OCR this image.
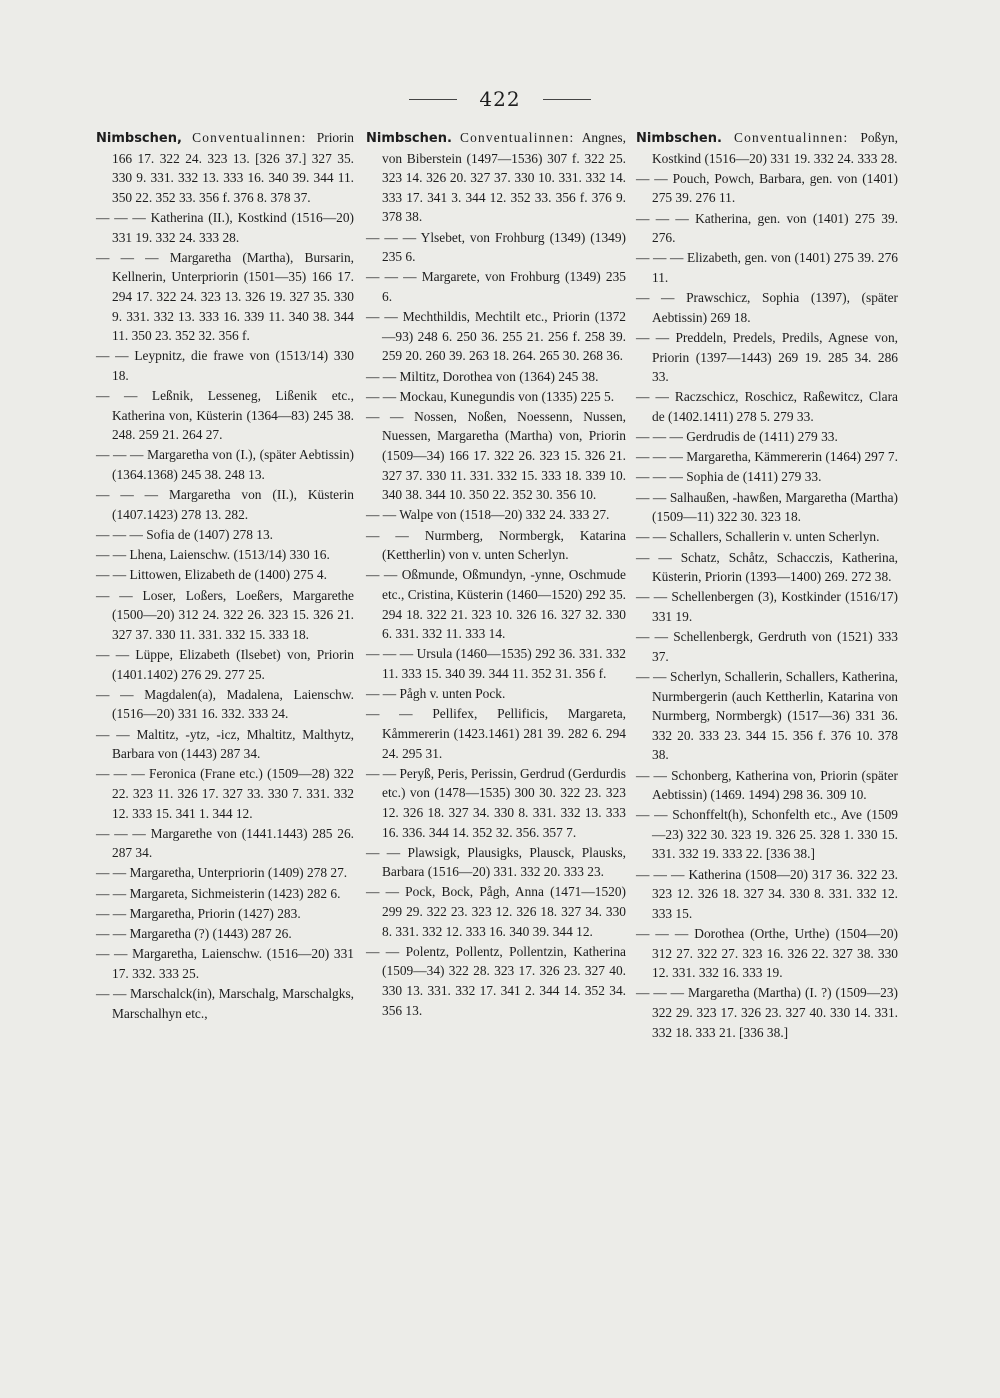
422

Nimbschen, Conventualinnen: Priorin 166 17. 322 24. 323 13. [326 37.] 327 35. 330 9. 331. 332 13. 333 16. 340 39. 344 11. 350 22. 352 33. 356 f. 376 8. 378 37.

— — — Katherina (II.), Kostkind (1516—20) 331 19. 332 24. 333 28.

— — — Margaretha (Martha), Bursarin, Kellnerin, Unterpriorin (1501—35) 166 17. 294 17. 322 24. 323 13. 326 19. 327 35. 330 9. 331. 332 13. 333 16. 339 11. 340 38. 344 11. 350 23. 352 32. 356 f.

— — Leypnitz, die frawe von (1513/14) 330 18.

— — Leßnik, Lesseneg, Lißenik etc., Katherina von, Küsterin (1364—83) 245 38. 248. 259 21. 264 27.

— — — Margaretha von (I.), (später Aebtissin) (1364.1368) 245 38. 248 13.

— — — Margaretha von (II.), Küsterin (1407.1423) 278 13. 282.

— — — Sofia de (1407) 278 13.

— — Lhena, Laienschw. (1513/14) 330 16.

— — Littowen, Elizabeth de (1400) 275 4.

— — Loser, Loßers, Loeßers, Margarethe (1500—20) 312 24. 322 26. 323 15. 326 21. 327 37. 330 11. 331. 332 15. 333 18.

— — Lüppe, Elizabeth (Ilsebet) von, Priorin (1401.1402) 276 29. 277 25.

— — Magdalen(a), Madalena, Laienschw. (1516—20) 331 16. 332. 333 24.

— — Maltitz, -ytz, -icz, Mhaltitz, Malthytz, Barbara von (1443) 287 34.

— — — Feronica (Frane etc.) (1509—28) 322 22. 323 11. 326 17. 327 33. 330 7. 331. 332 12. 333 15. 341 1. 344 12.

— — — Margarethe von (1441.1443) 285 26. 287 34.

— — Margaretha, Unterpriorin (1409) 278 27.

— — Margareta, Sichmeisterin (1423) 282 6.

— — Margaretha, Priorin (1427) 283.

— — Margaretha (?) (1443) 287 26.

— — Margaretha, Laienschw. (1516—20) 331 17. 332. 333 25.

— — Marschalck(in), Marschalg, Marschalgks, Marschalhyn etc.,

Nimbschen. Conventualinnen: Angnes, von Biberstein (1497—1536) 307 f. 322 25. 323 14. 326 20. 327 37. 330 10. 331. 332 14. 333 17. 341 3. 344 12. 352 33. 356 f. 376 9. 378 38.

— — — Ylsebet, von Frohburg (1349) (1349) 235 6.

— — — Margarete, von Frohburg (1349) 235 6.

— — Mechthildis, Mechtilt etc., Priorin (1372—93) 248 6. 250 36. 255 21. 256 f. 258 39. 259 20. 260 39. 263 18. 264. 265 30. 268 36.

— — Miltitz, Dorothea von (1364) 245 38.

— — Mockau, Kunegundis von (1335) 225 5.

— — Nossen, Noßen, Noessenn, Nussen, Nuessen, Margaretha (Martha) von, Priorin (1509—34) 166 17. 322 26. 323 15. 326 21. 327 37. 330 11. 331. 332 15. 333 18. 339 10. 340 38. 344 10. 350 22. 352 30. 356 10.

— — Walpe von (1518—20) 332 24. 333 27.

— — Nurmberg, Normbergk, Katarina (Kettherlin) von v. unten Scherlyn.

— — Oßmunde, Oßmundyn, -ynne, Oschmude etc., Cristina, Küsterin (1460—1520) 292 35. 294 18. 322 21. 323 10. 326 16. 327 32. 330 6. 331. 332 11. 333 14.

— — — Ursula (1460—1535) 292 36. 331. 332 11. 333 15. 340 39. 344 11. 352 31. 356 f.

— — Pågh v. unten Pock.

— — Pellifex, Pellificis, Margareta, Kåmmererin (1423.1461) 281 39. 282 6. 294 24. 295 31.

— — Peryß, Peris, Perissin, Gerdrud (Gerdurdis etc.) von (1478—1535) 300 30. 322 23. 323 12. 326 18. 327 34. 330 8. 331. 332 13. 333 16. 336. 344 14. 352 32. 356. 357 7.

— — Plawsigk, Plausigks, Plausck, Plausks, Barbara (1516—20) 331. 332 20. 333 23.

— — Pock, Bock, Pågh, Anna (1471—1520) 299 29. 322 23. 323 12. 326 18. 327 34. 330 8. 331. 332 12. 333 16. 340 39. 344 12.

— — Polentz, Pollentz, Pollentzin, Katherina (1509—34) 322 28. 323 17. 326 23. 327 40. 330 13. 331. 332 17. 341 2. 344 14. 352 34. 356 13.

Nimbschen. Conventualinnen: Poßyn, Kostkind (1516—20) 331 19. 332 24. 333 28.

— — Pouch, Powch, Barbara, gen. von (1401) 275 39. 276 11.

— — — Katherina, gen. von (1401) 275 39. 276.

— — — Elizabeth, gen. von (1401) 275 39. 276 11.

— — Prawschicz, Sophia (1397), (später Aebtissin) 269 18.

— — Preddeln, Predels, Predils, Agnese von, Priorin (1397—1443) 269 19. 285 34. 286 33.

— — Raczschicz, Roschicz, Raßewitcz, Clara de (1402.1411) 278 5. 279 33.

— — — Gerdrudis de (1411) 279 33.

— — — Margaretha, Kämmererin (1464) 297 7.

— — — Sophia de (1411) 279 33.

— — Salhaußen, -hawßen, Margaretha (Martha) (1509—11) 322 30. 323 18.

— — Schallers, Schallerin v. unten Scherlyn.

— — Schatz, Schåtz, Schacczis, Katherina, Küsterin, Priorin (1393—1400) 269. 272 38.

— — Schellenbergen (3), Kostkinder (1516/17) 331 19.

— — Schellenbergk, Gerdruth von (1521) 333 37.

— — Scherlyn, Schallerin, Schallers, Katherina, Nurmbergerin (auch Kettherlin, Katarina von Nurmberg, Normbergk) (1517—36) 331 36. 332 20. 333 23. 344 15. 356 f. 376 10. 378 38.

— — Schonberg, Katherina von, Priorin (später Aebtissin) (1469. 1494) 298 36. 309 10.

— — Schonffelt(h), Schonfelth etc., Ave (1509—23) 322 30. 323 19. 326 25. 328 1. 330 15. 331. 332 19. 333 22. [336 38.]

— — — Katherina (1508—20) 317 36. 322 23. 323 12. 326 18. 327 34. 330 8. 331. 332 12. 333 15.

— — — Dorothea (Orthe, Urthe) (1504—20) 312 27. 322 27. 323 16. 326 22. 327 38. 330 12. 331. 332 16. 333 19.

— — — Margaretha (Martha) (I. ?) (1509—23) 322 29. 323 17. 326 23. 327 40. 330 14. 331. 332 18. 333 21. [336 38.]
